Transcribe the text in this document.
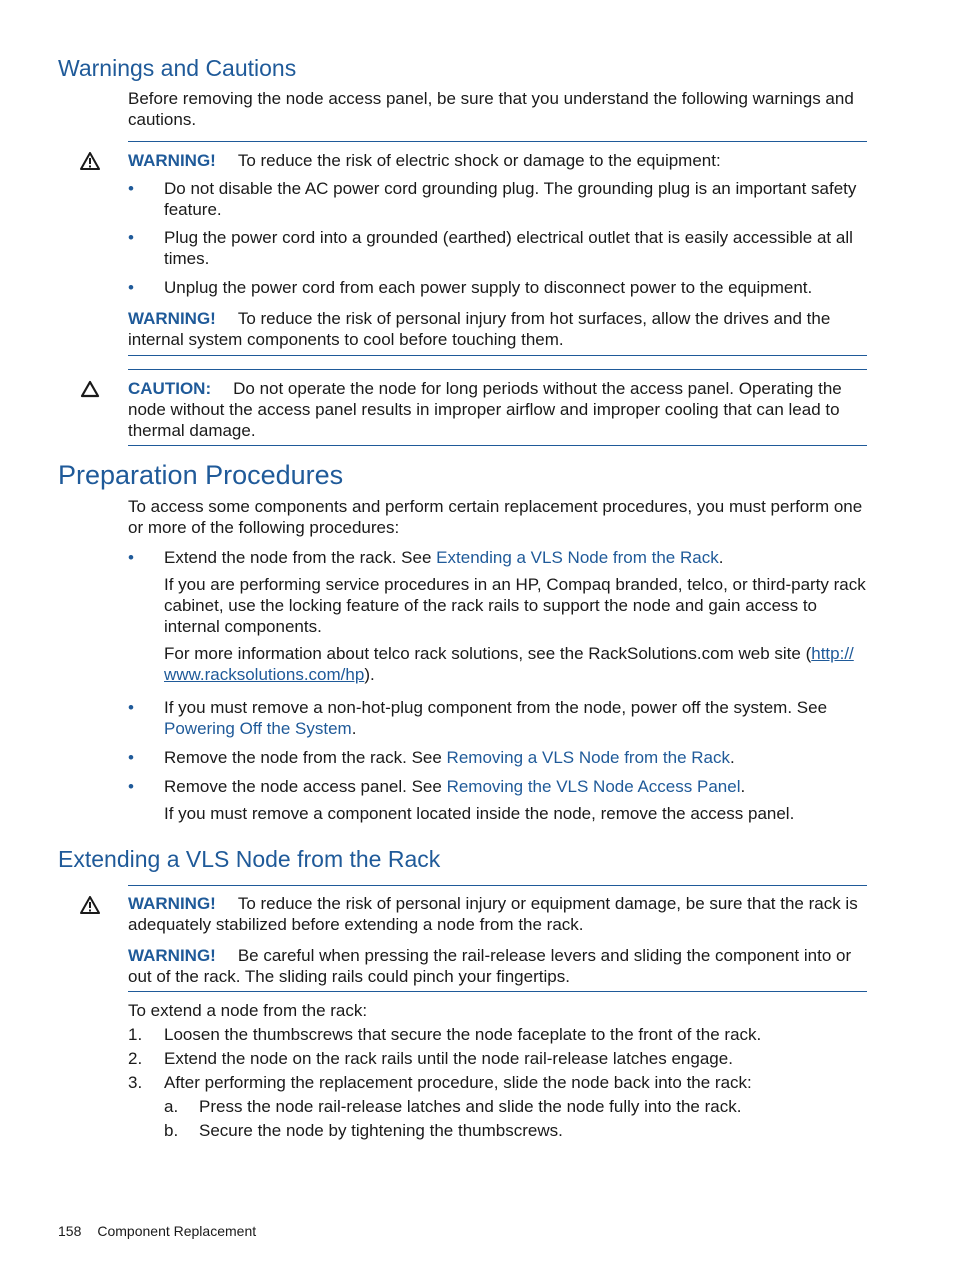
Warnings and Cautions

Before removing the node access panel, be sure that you understand the following warnings and cautions.

WARNING! To reduce the risk of electric shock or damage to the equipment:

• Do not disable the AC power cord grounding plug. The grounding plug is an important safety feature.
• Plug the power cord into a grounded (earthed) electrical outlet that is easily accessible at all times.
• Unplug the power cord from each power supply to disconnect power to the equipment.

WARNING! To reduce the risk of personal injury from hot surfaces, allow the drives and the internal system components to cool before touching them.

CAUTION: Do not operate the node for long periods without the access panel. Operating the node without the access panel results in improper airflow and improper cooling that can lead to thermal damage.

Preparation Procedures

To access some components and perform certain replacement procedures, you must perform one or more of the following procedures:

• Extend the node from the rack. See Extending a VLS Node from the Rack.

If you are performing service procedures in an HP, Compaq branded, telco, or third-party rack cabinet, use the locking feature of the rack rails to support the node and gain access to internal components.

For more information about telco rack solutions, see the RackSolutions.com web site (http://
www.racksolutions.com/hp).

• If you must remove a non-hot-plug component from the node, power off the system. See Powering Off the System.
• Remove the node from the rack. See Removing a VLS Node from the Rack.
• Remove the node access panel. See Removing the VLS Node Access Panel.

If you must remove a component located inside the node, remove the access panel.

Extending a VLS Node from the Rack

WARNING! To reduce the risk of personal injury or equipment damage, be sure that the rack is adequately stabilized before extending a node from the rack.

WARNING! Be careful when pressing the rail-release levers and sliding the component into or out of the rack. The sliding rails could pinch your fingertips.

To extend a node from the rack:

1. Loosen the thumbscrews that secure the node faceplate to the front of the rack.
2. Extend the node on the rack rails until the node rail-release latches engage.
3. After performing the replacement procedure, slide the node back into the rack:
a. Press the node rail-release latches and slide the node fully into the rack.
b. Secure the node by tightening the thumbscrews.
158 Component Replacement
